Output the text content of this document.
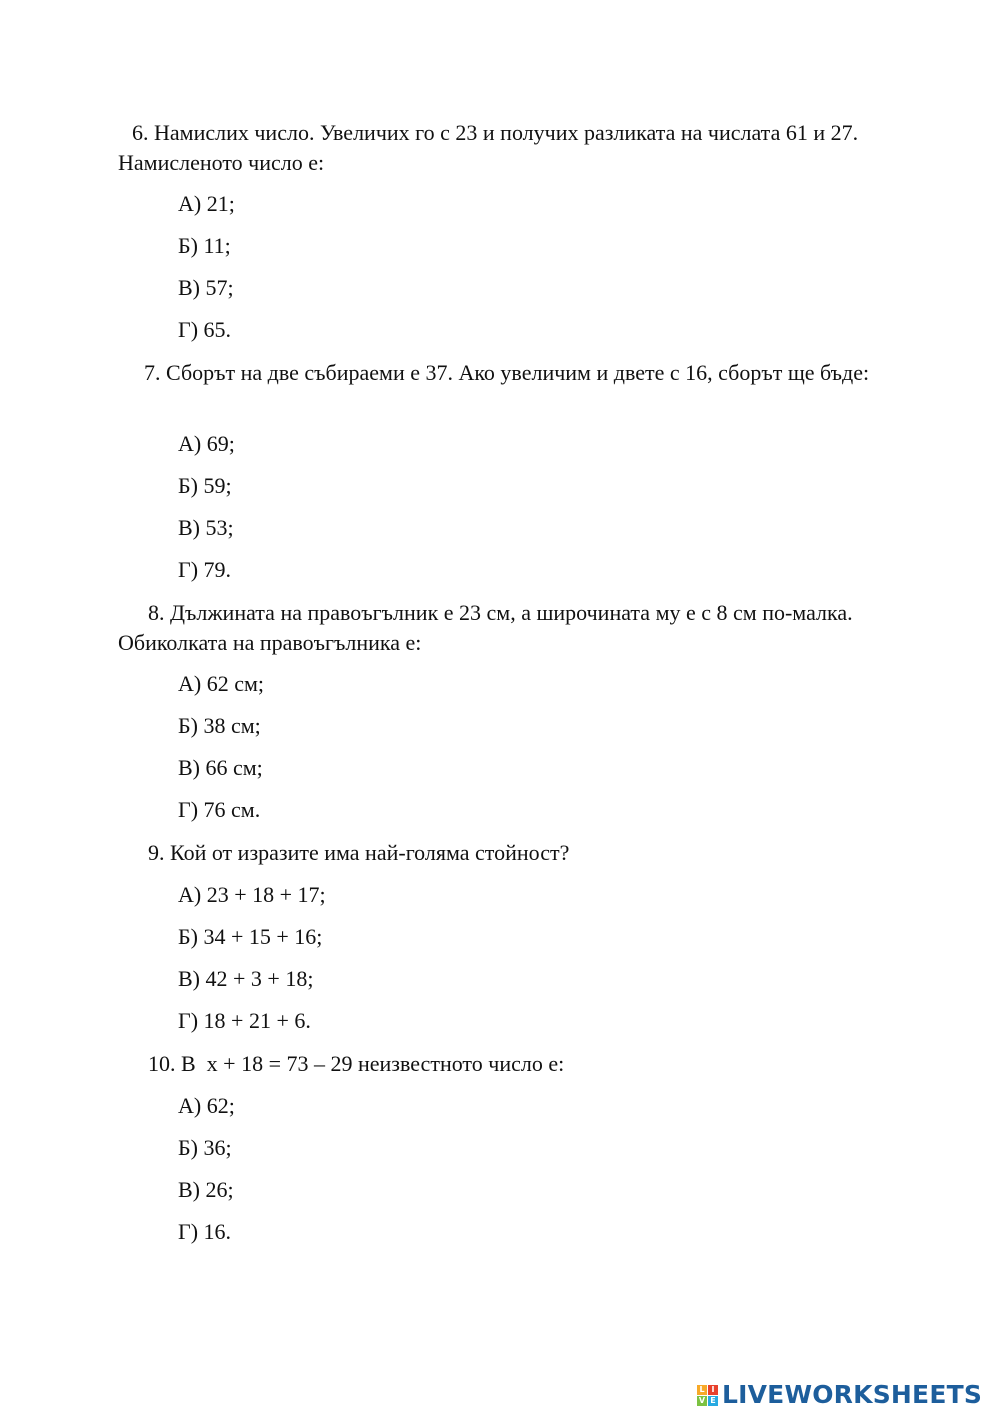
6. Намислих число. Увеличих го с 23 и получих разликата на числата 61 и 27. Намисленото число е:

А) 21;

Б) 11;

В) 57;

Г) 65.

7. Сборът на две събираеми е 37. Ако увеличим и двете с 16, сборът ще бъде:

А) 69;

Б) 59;

В) 53;

Г) 79.

8. Дължината на правоъгълник е 23 см, а широчината му е с 8 см по-малка. Обиколката на правоъгълника е:

А) 62 см;

Б) 38 см;

В) 66 см;

Г) 76 см.

9. Кой от изразите има най-голяма стойност?

А) 23 + 18 + 17;

Б) 34 + 15 + 16;

В) 42 + 3 + 18;

Г) 18 + 21 + 6.

10. В  x + 18 = 73 – 29 неизвестното число е:

А) 62;

Б) 36;

В) 26;

Г) 16.

L I
V E LIVEWORKSHEETS
